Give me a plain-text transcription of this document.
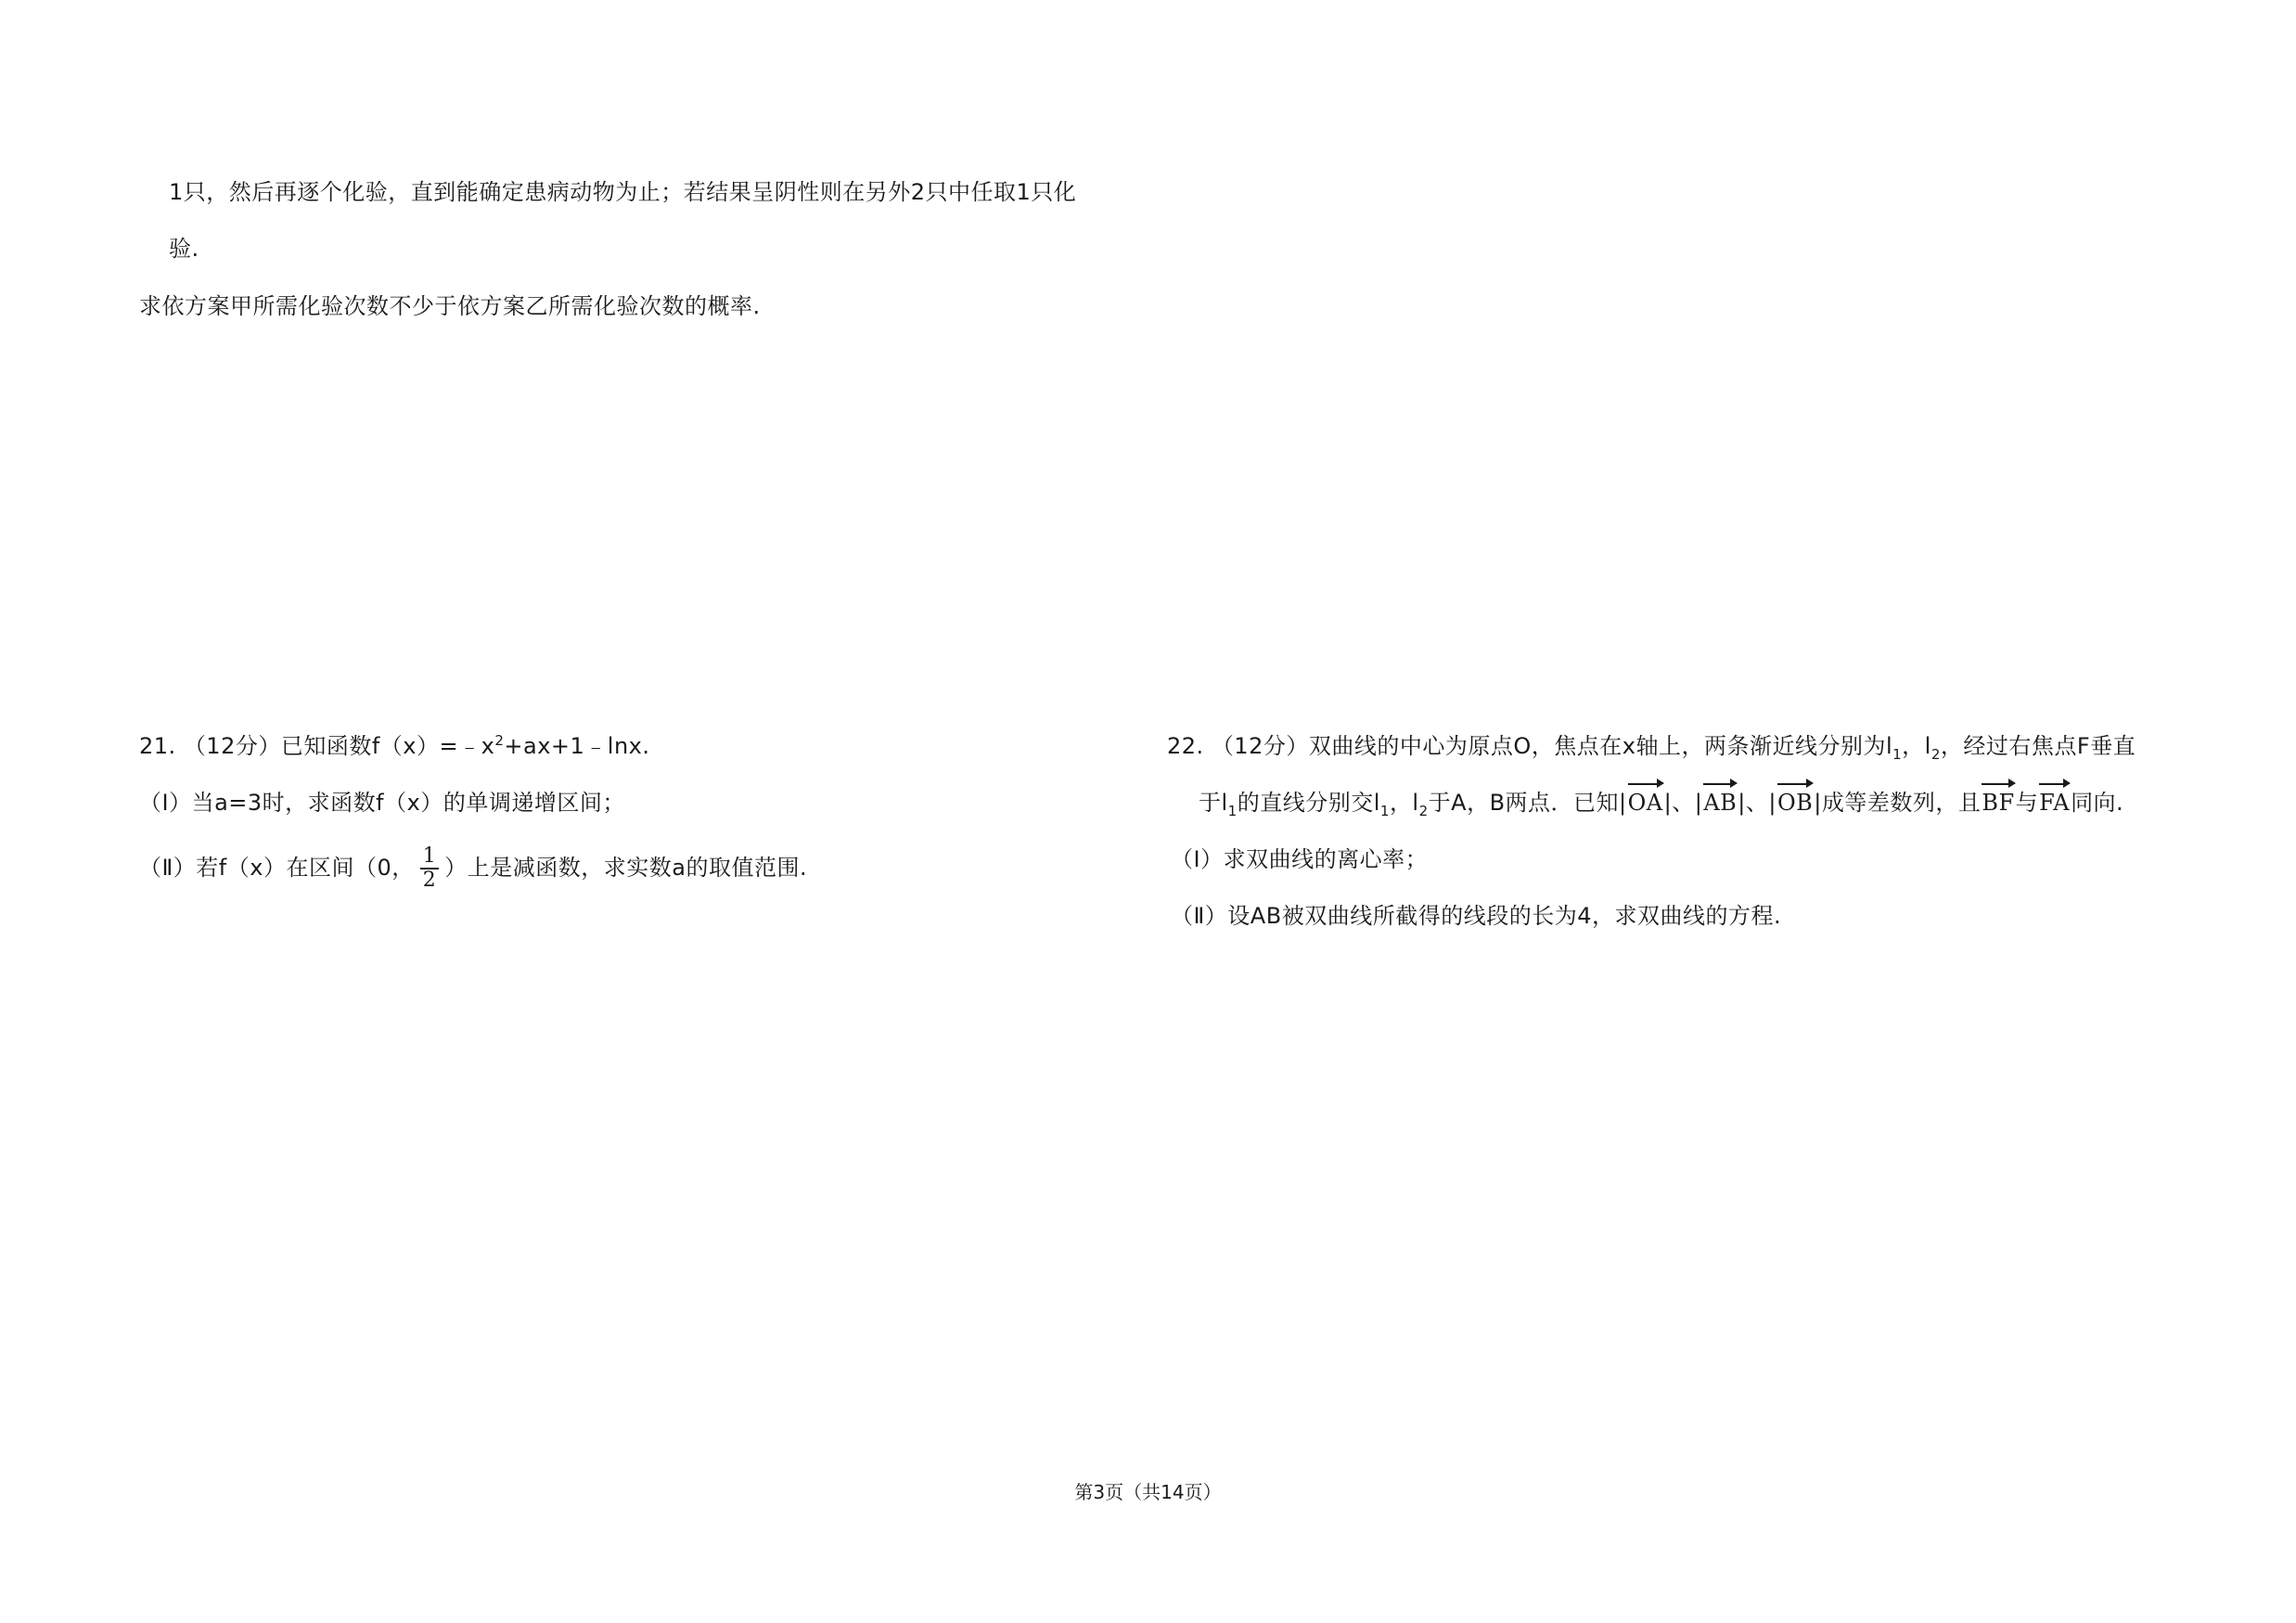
1只，然后再逐个化验，直到能确定患病动物为止；若结果呈阴性则在另外2只中任取1只化
验.
求依方案甲所需化验次数不少于依方案乙所需化验次数的概率.
21. （12分）已知函数$f(x)=﹣x^2+ax+1﹣\ln x$.
（Ⅰ）当a=3时，求函数f（x）的单调递增区间；
（Ⅱ）若f（x）在区间（0， $\frac{1}{2}$ ）上是减函数，求实数a的取值范围.
22. （12分）双曲线的中心为原点O，焦点在x轴上，两条渐近线分别为$l_1$，$l_2$，经过右焦点F垂直
于$l_1$的直线分别交$l_1$，$l_2$于A，B两点．已知|OA|、|AB|、|OB|成等差数列，且BF与FA同向.
（Ⅰ）求双曲线的离心率；
（Ⅱ）设AB被双曲线所截得的线段的长为4，求双曲线的方程.
第3页（共14页）
